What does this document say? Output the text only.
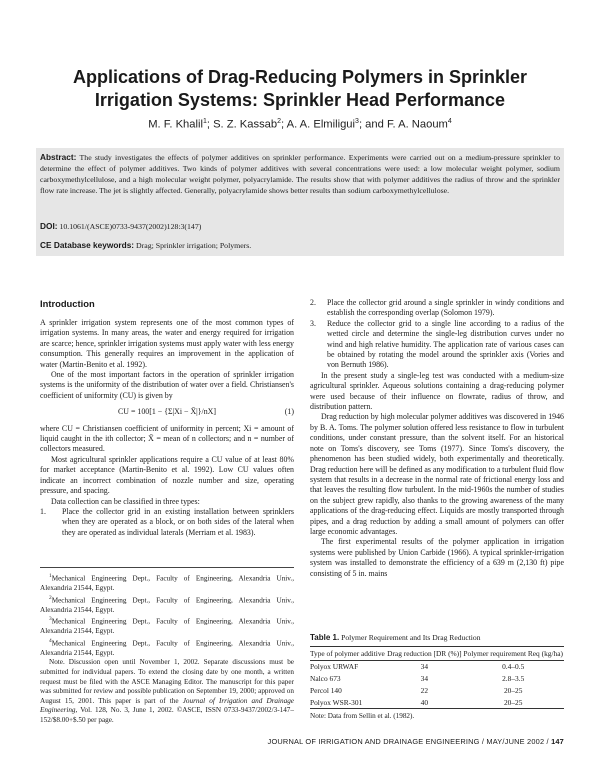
Applications of Drag-Reducing Polymers in Sprinkler
Irrigation Systems: Sprinkler Head Performance
M. F. Khalil$^1$; S. Z. Kassab$^2$; A. A. Elmiligui$^3$; and F. A. Naoum$^4$

Abstract: The study investigates the effects of polymer additives on sprinkler performance. Experiments were carried out on a medium-pressure sprinkler to determine the effect of polymer additives. Two kinds of polymer additives with several concentrations were used: a low molecular weight polymer, sodium carboxymethylcellulose, and a high molecular weight polymer, polyacrylamide. The results show that with polymer additives the radius of throw and the sprinkler flow rate increase. The jet is slightly affected. Generally, polyacrylamide shows better results than sodium carboxymethylcellulose.

DOI: 10.1061/(ASCE)0733-9437(2002)128:3(147)

CE Database keywords: Drag; Sprinkler irrigation; Polymers.

Introduction

A sprinkler irrigation system represents one of the most common types of irrigation systems. In many areas, the water and energy required for irrigation are scarce; hence, sprinkler irrigation systems must apply water with less energy consumption. This generally requires an improvement in the application of water (Martin-Benito et al. 1992).

One of the most important factors in the operation of sprinkler irrigation systems is the uniformity of the distribution of water over a field. Christiansen's coefficient of uniformity (CU) is given by

CU = 100[1 − {Σ|Xi − X̄|}/nX]	(1)

where CU = Christiansen coefficient of uniformity in percent; Xi = amount of liquid caught in the ith collector; X̄ = mean of n collectors; and n = number of collectors measured.

Most agricultural sprinkler applications require a CU value of at least 80% for market acceptance (Martin-Benito et al. 1992). Low CU values often indicate an incorrect combination of nozzle number and size, operating pressure, and spacing.

Data collection can be classified in three types:

1. Place the collector grid in an existing installation between sprinklers when they are operated as a block, or on both sides of the lateral when they are operated as individual laterals (Merriam et al. 1983).

$^1$Mechanical Engineering Dept., Faculty of Engineering, Alexandria Univ., Alexandria 21544, Egypt.

$^2$Mechanical Engineering Dept., Faculty of Engineering, Alexandria Univ., Alexandria 21544, Egypt.

$^3$Mechanical Engineering Dept., Faculty of Engineering, Alexandria Univ., Alexandria 21544, Egypt.

$^4$Mechanical Engineering Dept., Faculty of Engineering, Alexandria Univ., Alexandria 21544, Egypt.

Note. Discussion open until November 1, 2002. Separate discussions must be submitted for individual papers. To extend the closing date by one month, a written request must be filed with the ASCE Managing Editor. The manuscript for this paper was submitted for review and possible publication on September 19, 2000; approved on August 15, 2001. This paper is part of the Journal of Irrigation and Drainage Engineering, Vol. 128, No. 3, June 1, 2002. ©ASCE, ISSN 0733-9437/2002/3-147–152/$8.00+$.50 per page.

2. Place the collector grid around a single sprinkler in windy conditions and establish the corresponding overlap (Solomon 1979).
3. Reduce the collector grid to a single line according to a radius of the wetted circle and determine the single-leg distribution curves under no wind and high relative humidity. The application rate of various cases can be obtained by rotating the model around the sprinkler axis (Vories and von Bernuth 1986).

In the present study a single-leg test was conducted with a medium-size agricultural sprinkler. Aqueous solutions containing a drag-reducing polymer were used because of their influence on flowrate, radius of throw, and distribution pattern.

Drag reduction by high molecular polymer additives was discovered in 1946 by B. A. Toms. The polymer solution offered less resistance to flow in turbulent conditions, under constant pressure, than the solvent itself. For an historical note on Toms's discovery, see Toms (1977). Since Toms's discovery, the phenomenon has been studied widely, both experimentally and theoretically. Drag reduction here will be defined as any modification to a turbulent fluid flow system that results in a decrease in the normal rate of frictional energy loss and that leaves the resulting flow turbulent. In the mid-1960s the number of studies on the subject grew rapidly, also thanks to the growing awareness of the many applications of the drag-reducing effect. Liquids are mostly transported through pipes, and a drag reduction by adding a small amount of polymers can offer large economic advantages.

The first experimental results of the polymer application in irrigation systems were published by Union Carbide (1966). A typical sprinkler-irrigation system was installed to demonstrate the efficiency of a 639 m (2,130 ft) pipe consisting of 5 in. mains

Table 1. Polymer Requirement and Its Drag Reduction

Type of polymer additive	Drag reduction [DR (%)]	Polymer requirement Req (kg/ha)
Polyox URWAF	34	0.4–0.5
Nalco 673	34	2.8–3.5
Percol 140	22	20–25
Polyox WSR-301	40	20–25

Note: Data from Sellin et al. (1982).

JOURNAL OF IRRIGATION AND DRAINAGE ENGINEERING / MAY/JUNE 2002 / 147
